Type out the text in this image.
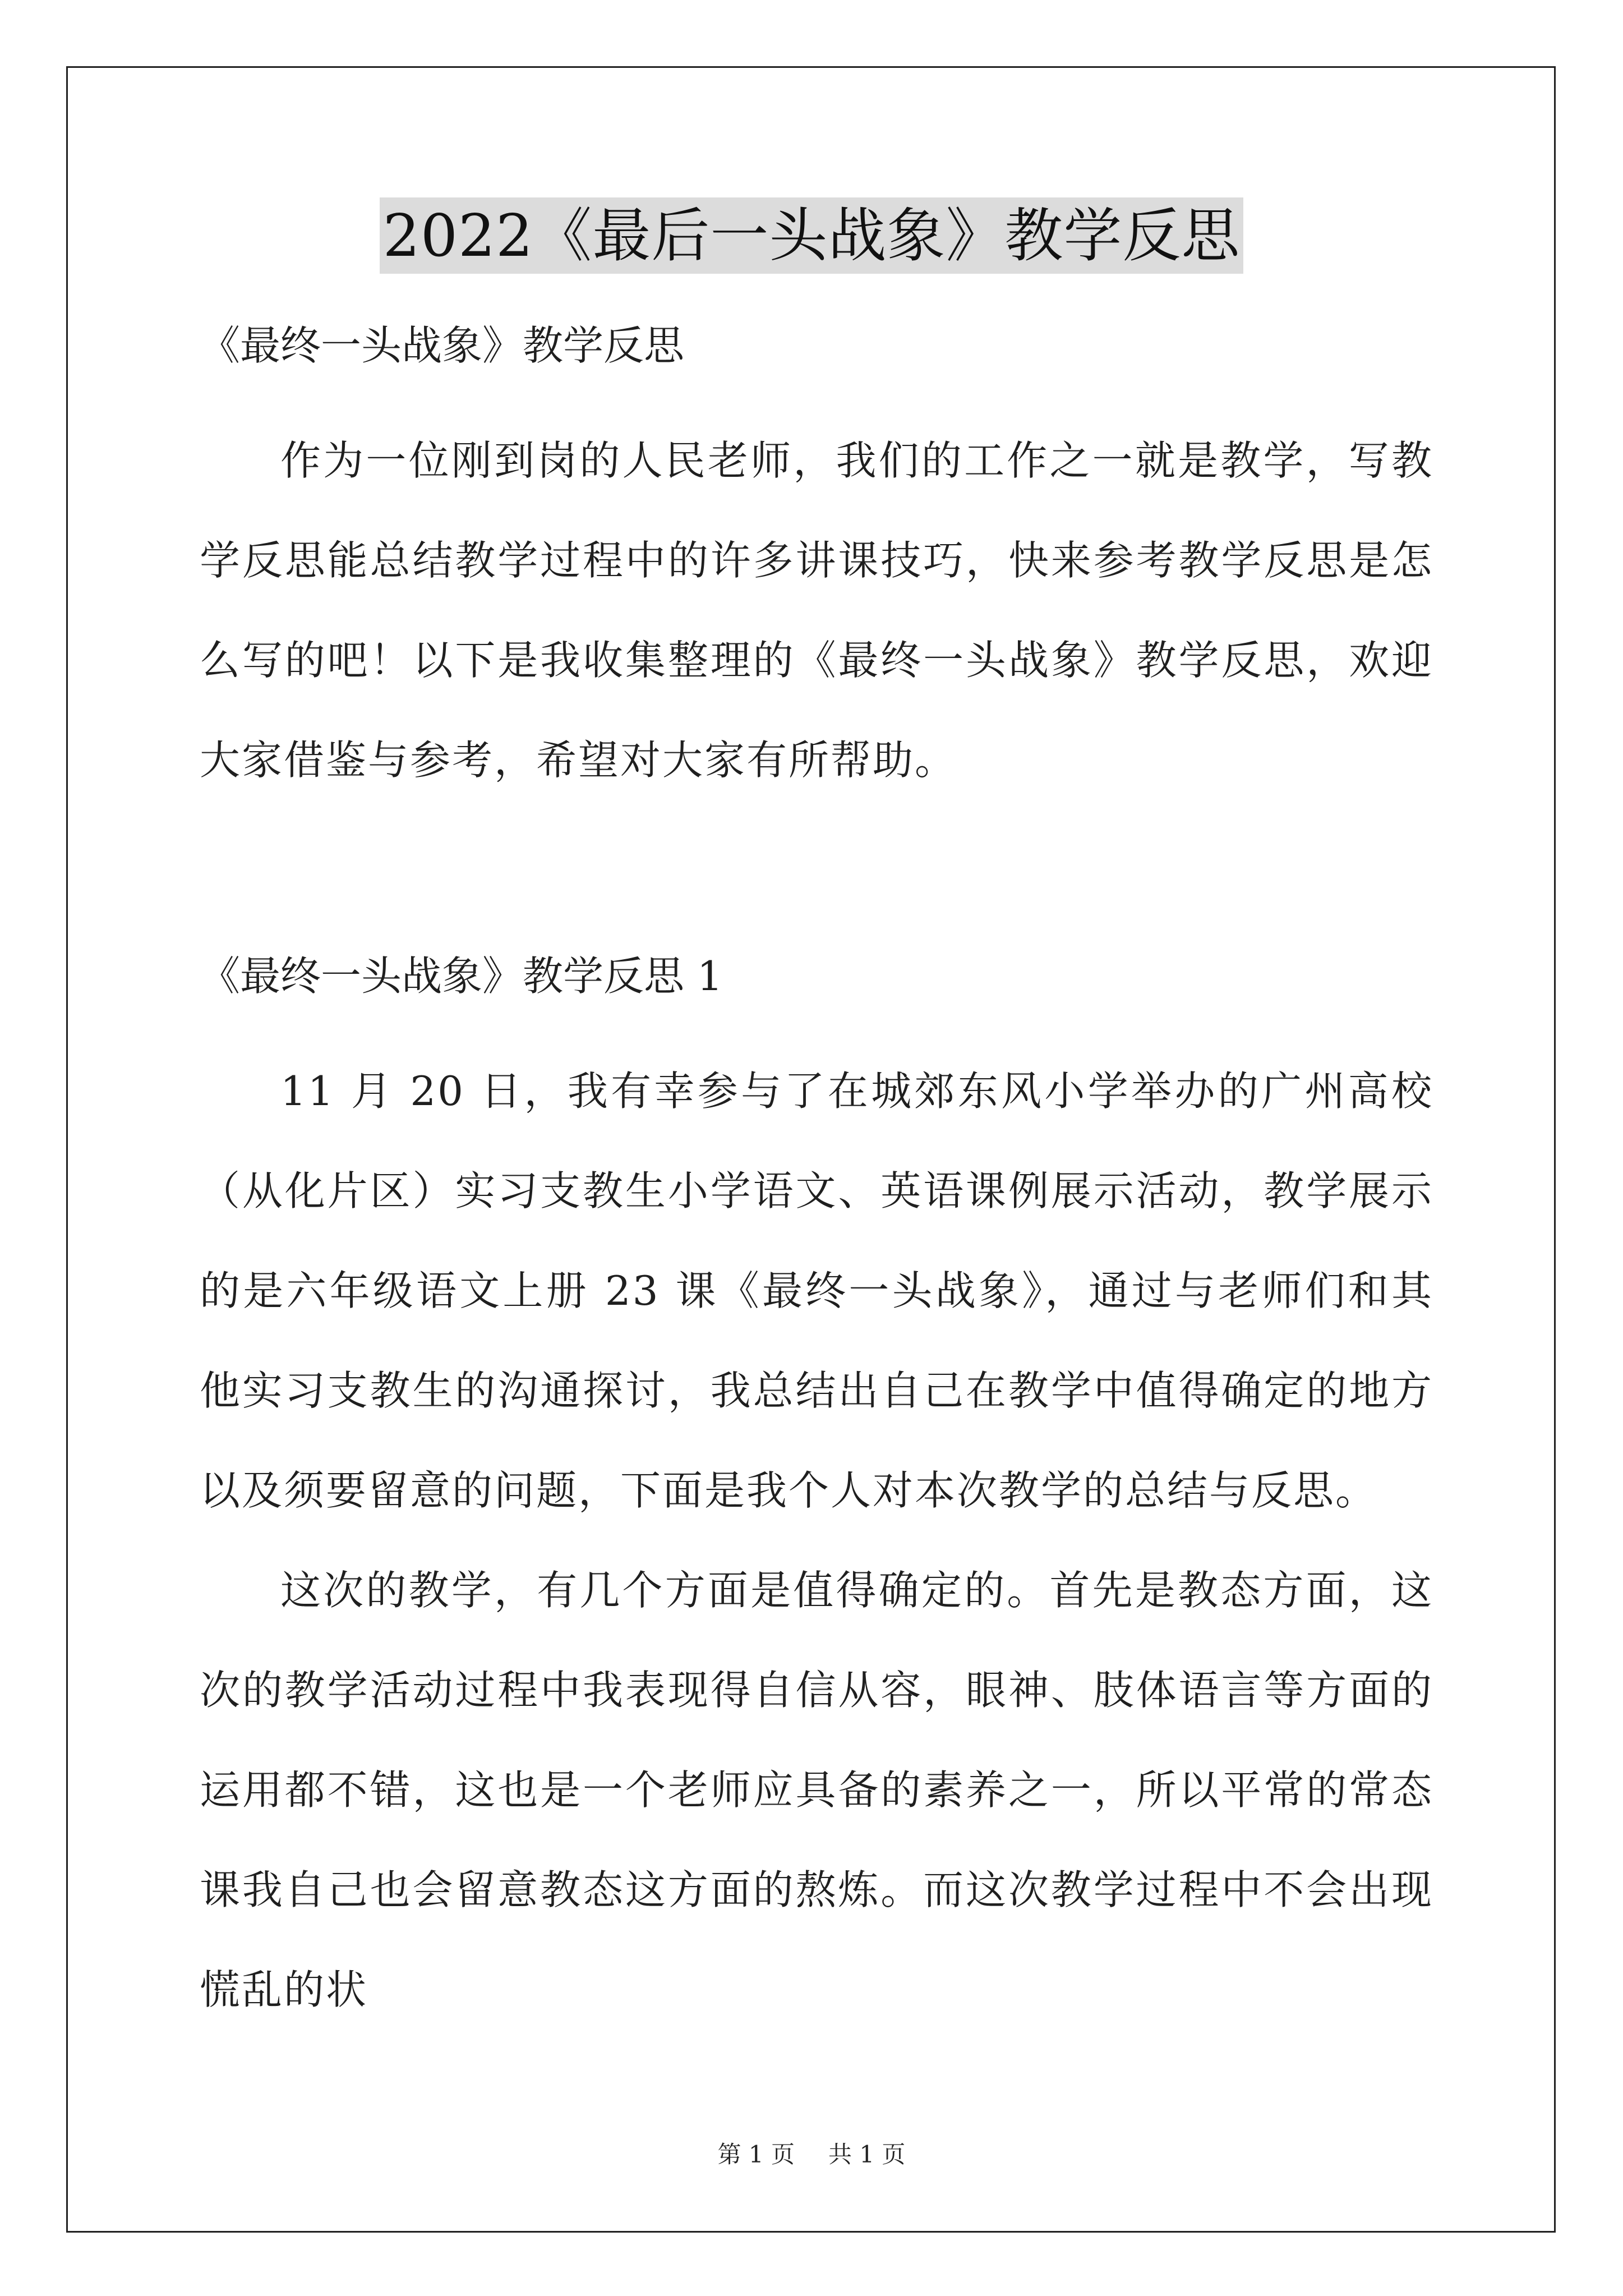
2022《最后一头战象》教学反思

《最终一头战象》教学反思

作为一位刚到岗的人民老师，我们的工作之一就是教学，写教学反思能总结教学过程中的许多讲课技巧，快来参考教学反思是怎么写的吧！以下是我收集整理的《最终一头战象》教学反思，欢迎大家借鉴与参考，希望对大家有所帮助。

《最终一头战象》教学反思 1

11 月 20 日，我有幸参与了在城郊东风小学举办的广州高校（从化片区）实习支教生小学语文、英语课例展示活动，教学展示的是六年级语文上册 23 课《最终一头战象》，通过与老师们和其他实习支教生的沟通探讨，我总结出自己在教学中值得确定的地方以及须要留意的问题，下面是我个人对本次教学的总结与反思。

这次的教学，有几个方面是值得确定的。首先是教态方面，这次的教学活动过程中我表现得自信从容，眼神、肢体语言等方面的运用都不错，这也是一个老师应具备的素养之一，所以平常的常态课我自己也会留意教态这方面的熬炼。而这次教学过程中不会出现慌乱的状

第 1 页 共 1 页
